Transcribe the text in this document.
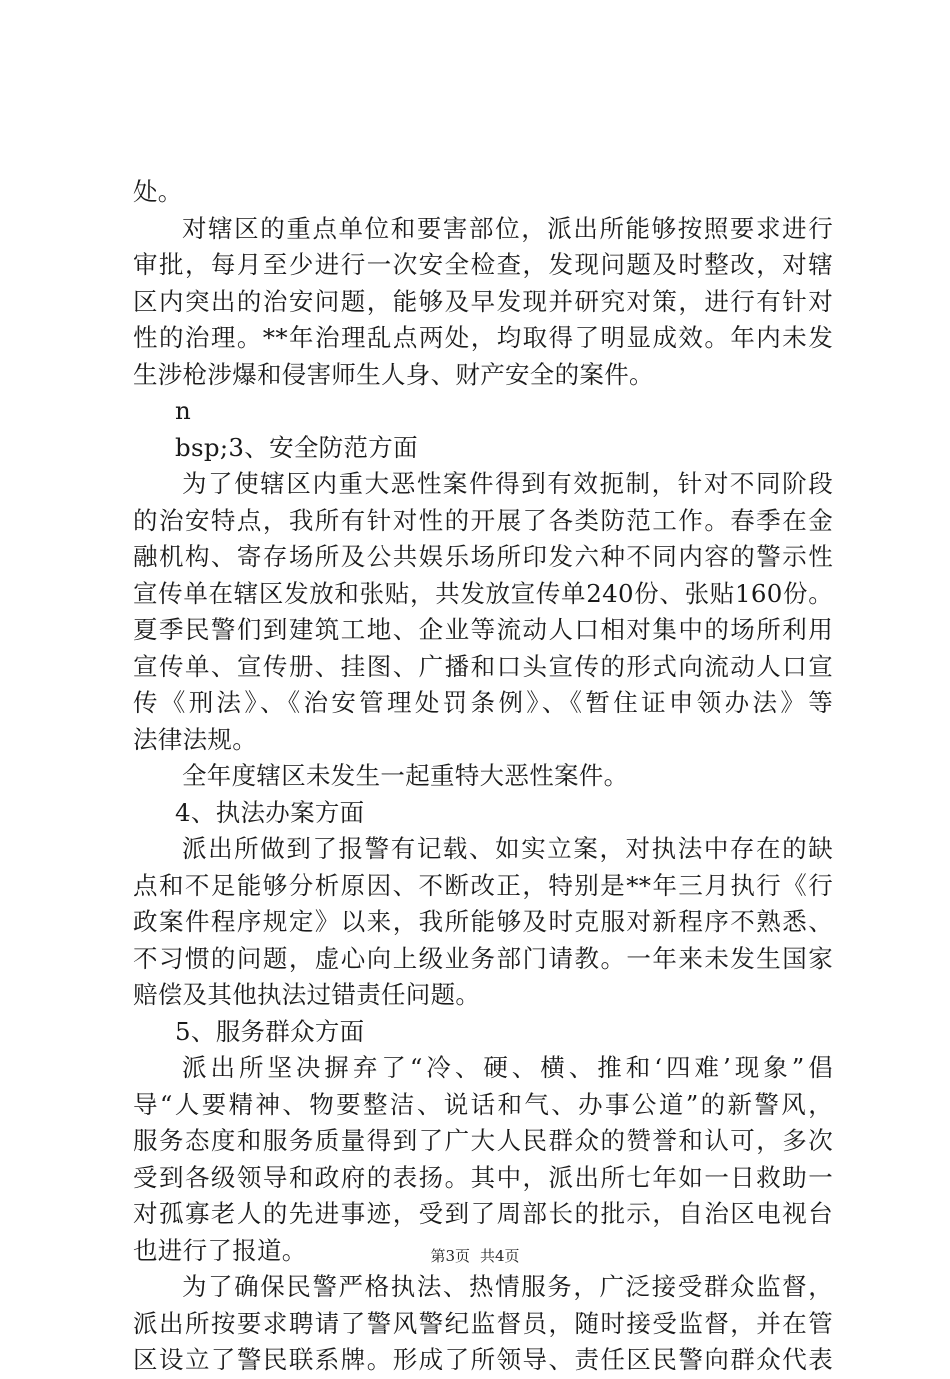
处。
对辖区的重点单位和要害部位，派出所能够按照要求进行
审批，每月至少进行一次安全检查，发现问题及时整改，对辖
区内突出的治安问题，能够及早发现并研究对策，进行有针对
性的治理。**年治理乱点两处，均取得了明显成效。年内未发
生涉枪涉爆和侵害师生人身、财产安全的案件。
n
bsp;3、安全防范方面
为了使辖区内重大恶性案件得到有效扼制，针对不同阶段
的治安特点，我所有针对性的开展了各类防范工作。春季在金
融机构、寄存场所及公共娱乐场所印发六种不同内容的警示性
宣传单在辖区发放和张贴，共发放宣传单240份、张贴160份。
夏季民警们到建筑工地、企业等流动人口相对集中的场所利用
宣传单、宣传册、挂图、广播和口头宣传的形式向流动人口宣
传《刑法》、《治安管理处罚条例》、《暂住证申领办法》等
法律法规。
全年度辖区未发生一起重特大恶性案件。
4、执法办案方面
派出所做到了报警有记载、如实立案，对执法中存在的缺
点和不足能够分析原因、不断改正，特别是**年三月执行《行
政案件程序规定》以来，我所能够及时克服对新程序不熟悉、
不习惯的问题，虚心向上级业务部门请教。一年来未发生国家
赔偿及其他执法过错责任问题。
5、服务群众方面
派出所坚决摒弃了“冷、硬、横、推和‘四难’现象”倡
导“人要精神、物要整洁、说话和气、办事公道”的新警风，
服务态度和服务质量得到了广大人民群众的赞誉和认可，多次
受到各级领导和政府的表扬。其中，派出所七年如一日救助一
对孤寡老人的先进事迹，受到了周部长的批示，自治区电视台
也进行了报道。
为了确保民警严格执法、热情服务，广泛接受群众监督，
派出所按要求聘请了警风警纪监督员，随时接受监督，并在管
区设立了警民联系牌。形成了所领导、责任区民警向群众代表
第3页 共4页
